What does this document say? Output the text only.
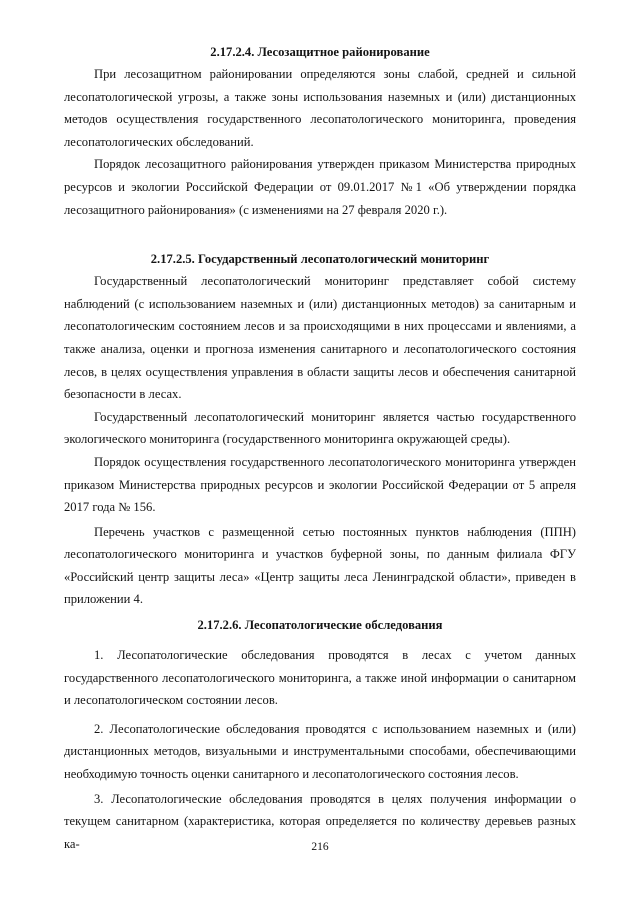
2.17.2.4. Лесозащитное районирование

При лесозащитном районировании определяются зоны слабой, средней и сильной лесопатологической угрозы, а также зоны использования наземных и (или) дистанционных методов осуществления государственного лесопатологического мониторинга, проведения лесопатологических обследований.

Порядок лесозащитного районирования утвержден приказом Министерства природных ресурсов и экологии Российской Федерации от 09.01.2017 №1 «Об утверждении порядка лесозащитного районирования» (с изменениями на 27 февраля 2020 г.).

2.17.2.5. Государственный лесопатологический мониторинг

Государственный лесопатологический мониторинг представляет собой систему наблюдений (с использованием наземных и (или) дистанционных методов) за санитарным и лесопатологическим состоянием лесов и за происходящими в них процессами и явлениями, а также анализа, оценки и прогноза изменения санитарного и лесопатологического состояния лесов, в целях осуществления управления в области защиты лесов и обеспечения санитарной безопасности в лесах.

Государственный лесопатологический мониторинг является частью государственного экологического мониторинга (государственного мониторинга окружающей среды).

Порядок осуществления государственного лесопатологического мониторинга утвержден приказом Министерства природных ресурсов и экологии Российской Федерации от 5 апреля 2017 года № 156.

Перечень участков с размещенной сетью постоянных пунктов наблюдения (ППН) лесопатологического мониторинга и участков буферной зоны, по данным филиала ФГУ «Российский центр защиты леса» «Центр защиты леса Ленинградской области», приведен в приложении 4.

2.17.2.6. Лесопатологические обследования

1. Лесопатологические обследования проводятся в лесах с учетом данных государственного лесопатологического мониторинга, а также иной информации о санитарном и лесопатологическом состоянии лесов.

2. Лесопатологические обследования проводятся с использованием наземных и (или) дистанционных методов, визуальными и инструментальными способами, обеспечивающими необходимую точность оценки санитарного и лесопатологического состояния лесов.

3. Лесопатологические обследования проводятся в целях получения информации о текущем санитарном (характеристика, которая определяется по количеству деревьев разных ка-	216
